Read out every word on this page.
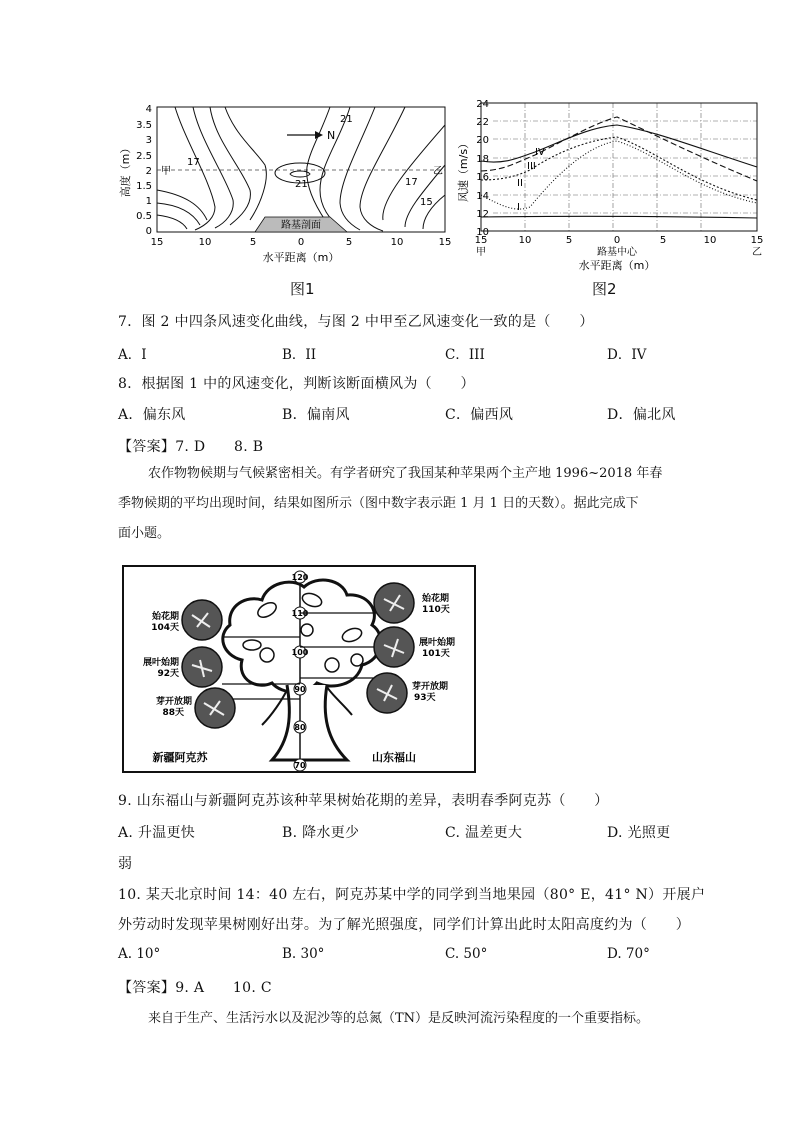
高度（m）
4
3.5
3
2.5
2
1.5
1
0.5
0
甲	乙
路基剖面
N
21
17
21	17
15
15	10	5	0	5	10	15
水平距离（m）
图1
风速（m/s）
24
22
20
18
16
14
12
10
IV
III
II
I
15	10	5	0	5	10	15
甲	乙
路基中心
水平距离（m）
图2
7．图 2 中四条风速变化曲线，与图 2 中甲至乙风速变化一致的是（　　）
A．I	B．II	C．III	D．IV
8．根据图 1 中的风速变化，判断该断面横风为（　　）
A．偏东风	B．偏南风	C．偏西风	D．偏北风
【答案】7. D　　8. B
农作物物候期与气候紧密相关。有学者研究了我国某种苹果两个主产地 1996~2018 年春
季物候期的平均出现时间，结果如图所示（图中数字表示距 1 月 1 日的天数）。据此完成下
面小题。
120
110
100
90
80
70
始花期
104天
展叶始期
92天
芽开放期
88天
始花期
110天
展叶始期
101天
芽开放期
93天
新疆阿克苏	山东福山
9. 山东福山与新疆阿克苏该种苹果树始花期的差异，表明春季阿克苏（　　）
A. 升温更快	B. 降水更少	C. 温差更大	D. 光照更
弱
10. 某天北京时间 14：40 左右，阿克苏某中学的同学到当地果园（80° E，41° N）开展户
外劳动时发现苹果树刚好出芽。为了解光照强度，同学们计算出此时太阳高度约为（　　）
A. 10°	B. 30°	C. 50°	D. 70°
【答案】9. A　　10. C
来自于生产、生活污水以及泥沙等的总氮（TN）是反映河流污染程度的一个重要指标。
